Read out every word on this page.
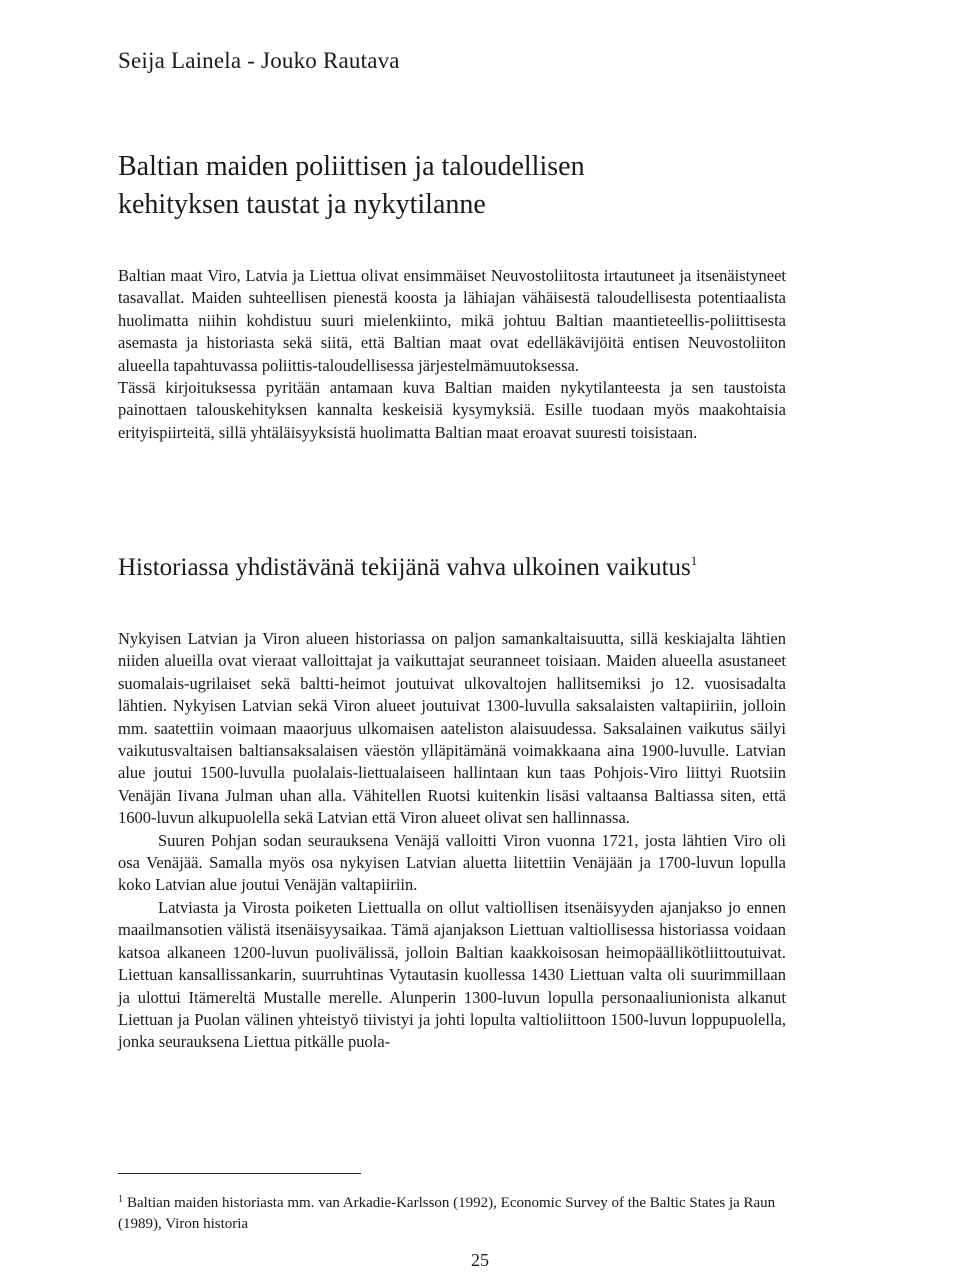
Seija Lainela - Jouko Rautava
Baltian maiden poliittisen ja taloudellisen
kehityksen taustat ja nykytilanne

Baltian maat Viro, Latvia ja Liettua olivat ensimmäiset Neuvostoliitosta irtautuneet ja itsenäistyneet tasavallat. Maiden suhteellisen pienestä koosta ja lähiajan vähäisestä taloudellisesta potentiaalista huolimatta niihin kohdistuu suuri mielenkiinto, mikä johtuu Baltian maantieteellis-poliittisesta asemasta ja historiasta sekä siitä, että Baltian maat ovat edelläkävijöitä entisen Neuvostoliiton alueella tapahtuvassa poliittis-taloudellisessa järjestelmämuutoksessa.

Tässä kirjoituksessa pyritään antamaan kuva Baltian maiden nykytilanteesta ja sen taustoista painottaen talouskehityksen kannalta keskeisiä kysymyksiä. Esille tuodaan myös maakohtaisia erityispiirteitä, sillä yhtäläisyyksistä huolimatta Baltian maat eroavat suuresti toisistaan.

Historiassa yhdistävänä tekijänä vahva ulkoinen vaikutus$^1$

Nykyisen Latvian ja Viron alueen historiassa on paljon samankaltaisuutta, sillä keskiajalta lähtien niiden alueilla ovat vieraat valloittajat ja vaikuttajat seuranneet toisiaan. Maiden alueella asustaneet suomalais-ugrilaiset sekä baltti-heimot joutuivat ulkovaltojen hallitsemiksi jo 12. vuosisadalta lähtien. Nykyisen Latvian sekä Viron alueet joutuivat 1300-luvulla saksalaisten valtapiiriin, jolloin mm. saatettiin voimaan maaorjuus ulkomaisen aateliston alaisuudessa. Saksalainen vaikutus säilyi vaikutusvaltaisen baltiansaksalaisen väestön ylläpitämänä voimakkaana aina 1900-luvulle. Latvian alue joutui 1500-luvulla puolalais-liettualaiseen hallintaan kun taas Pohjois-Viro liittyi Ruotsiin Venäjän Iivana Julman uhan alla. Vähitellen Ruotsi kuitenkin lisäsi valtaansa Baltiassa siten, että 1600-luvun alkupuolella sekä Latvian että Viron alueet olivat sen hallinnassa.

Suuren Pohjan sodan seurauksena Venäjä valloitti Viron vuonna 1721, josta lähtien Viro oli osa Venäjää. Samalla myös osa nykyisen Latvian aluetta liitettiin Venäjään ja 1700-luvun lopulla koko Latvian alue joutui Venäjän valtapiiriin.

Latviasta ja Virosta poiketen Liettualla on ollut valtiollisen itsenäisyyden ajanjakso jo ennen maailmansotien välistä itsenäisyysaikaa. Tämä ajanjakson Liettuan valtiollisessa historiassa voidaan katsoa alkaneen 1200-luvun puolivälissä, jolloin Baltian kaakkoisosan heimopäällikötliittoutuivat. Liettuan kansallissankarin, suurruhtinas Vytautasin kuollessa 1430 Liettuan valta oli suurimmillaan ja ulottui Itämereltä Mustalle merelle. Alunperin 1300-luvun lopulla personaaliunionista alkanut Liettuan ja Puolan välinen yhteistyö tiivistyi ja johti lopulta valtioliittoon 1500-luvun loppupuolella, jonka seurauksena Liettua pitkälle puola-

$^1$ Baltian maiden historiasta mm. van Arkadie-Karlsson (1992), Economic Survey of the Baltic States ja Raun (1989), Viron historia

25
